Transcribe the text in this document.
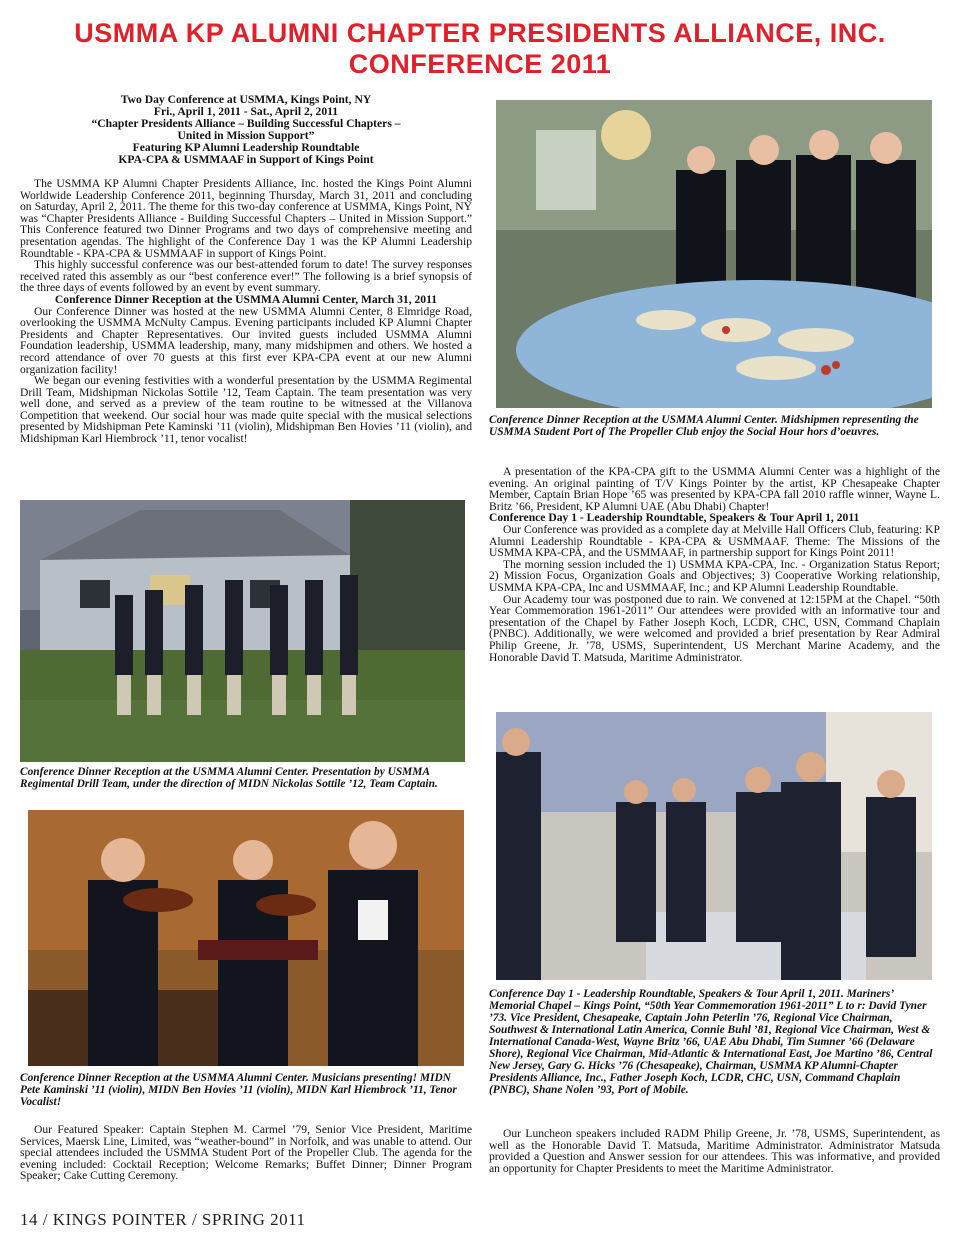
USMMA KP ALUMNI CHAPTER PRESIDENTS ALLIANCE, INC.
CONFERENCE 2011
Two Day Conference at USMMA, Kings Point, NY
Fri., April 1, 2011 - Sat., April 2, 2011
“Chapter Presidents Alliance – Building Successful Chapters –
United in Mission Support”
Featuring KP Alumni Leadership Roundtable
KPA-CPA & USMMAAF in Support of Kings Point

The USMMA KP Alumni Chapter Presidents Alliance, Inc. hosted the Kings Point Alumni Worldwide Leadership Conference 2011, beginning Thursday, March 31, 2011 and concluding on Saturday, April 2, 2011. The theme for this two-day conference at USMMA, Kings Point, NY was “Chapter Presidents Alliance - Building Successful Chapters – United in Mission Support.” This Conference featured two Dinner Programs and two days of comprehensive meeting and presentation agendas. The highlight of the Conference Day 1 was the KP Alumni Leadership Roundtable - KPA-CPA & USMMAAF in support of Kings Point.

This highly successful conference was our best-attended forum to date! The survey responses received rated this assembly as our “best conference ever!” The following is a brief synopsis of the three days of events followed by an event by event summary.

Conference Dinner Reception at the USMMA Alumni Center, March 31, 2011

Our Conference Dinner was hosted at the new USMMA Alumni Center, 8 Elmridge Road, overlooking the USMMA McNulty Campus. Evening participants included KP Alumni Chapter Presidents and Chapter Representatives. Our invited guests included USMMA Alumni Foundation leadership, USMMA leadership, many, many midshipmen and others. We hosted a record attendance of over 70 guests at this first ever KPA-CPA event at our new Alumni organization facility!

We began our evening festivities with a wonderful presentation by the USMMA Regimental Drill Team, Midshipman Nickolas Sottile ’12, Team Captain. The team presentation was very well done, and served as a preview of the team routine to be witnessed at the Villanova Competition that weekend. Our social hour was made quite special with the musical selections presented by Midshipman Pete Kaminski ’11 (violin), Midshipman Ben Hovies ’11 (violin), and Midshipman Karl Hiembrock ’11, tenor vocalist!

Conference Dinner Reception at the USMMA Alumni Center. Presentation by USMMA Regimental Drill Team, under the direction of MIDN Nickolas Sottile ’12, Team Captain.
Conference Dinner Reception at the USMMA Alumni Center. Musicians presenting! MIDN Pete Kaminski ’11 (violin), MIDN Ben Hovies ’11 (violin), MIDN Karl Hiembrock ’11, Tenor Vocalist!

Our Featured Speaker: Captain Stephen M. Carmel ’79, Senior Vice President, Maritime Services, Maersk Line, Limited, was “weather-bound” in Norfolk, and was unable to attend. Our special attendees included the USMMA Student Port of the Propeller Club. The agenda for the evening included: Cocktail Reception; Welcome Remarks; Buffet Dinner; Dinner Program Speaker; Cake Cutting Ceremony.

Conference Dinner Reception at the USMMA Alumni Center. Midshipmen representing the USMMA Student Port of The Propeller Club enjoy the Social Hour hors d’oeuvres.

A presentation of the KPA-CPA gift to the USMMA Alumni Center was a highlight of the evening. An original painting of T/V Kings Pointer by the artist, KP Chesapeake Chapter Member, Captain Brian Hope ’65 was presented by KPA-CPA fall 2010 raffle winner, Wayne L. Britz ’66, President, KP Alumni UAE (Abu Dhabi) Chapter!

Conference Day 1 - Leadership Roundtable, Speakers & Tour April 1, 2011

Our Conference was provided as a complete day at Melville Hall Officers Club, featuring: KP Alumni Leadership Roundtable - KPA-CPA & USMMAAF. Theme: The Missions of the USMMA KPA-CPA, and the USMMAAF, in partnership support for Kings Point 2011!

The morning session included the 1) USMMA KPA-CPA, Inc. - Organization Status Report; 2) Mission Focus, Organization Goals and Objectives; 3) Cooperative Working relationship, USMMA KPA-CPA, Inc and USMMAAF, Inc.; and KP Alumni Leadership Roundtable.

Our Academy tour was postponed due to rain. We convened at 12:15PM at the Chapel. “50th Year Commemoration 1961-2011” Our attendees were provided with an informative tour and presentation of the Chapel by Father Joseph Koch, LCDR, CHC, USN, Command Chaplain (PNBC). Additionally, we were welcomed and provided a brief presentation by Rear Admiral Philip Greene, Jr. ’78, USMS, Superintendent, US Merchant Marine Academy, and the Honorable David T. Matsuda, Maritime Administrator.

Conference Day 1 - Leadership Roundtable, Speakers & Tour April 1, 2011. Mariners’ Memorial Chapel – Kings Point, “50th Year Commemoration 1961-2011” L to r: David Tyner ’73. Vice President, Chesapeake, Captain John Peterlin ’76, Regional Vice Chairman, Southwest & International Latin America, Connie Buhl ’81, Regional Vice Chairman, West & International Canada-West, Wayne Britz ’66, UAE Abu Dhabi, Tim Sumner ’66 (Delaware Shore), Regional Vice Chairman, Mid-Atlantic & International East, Joe Martino ’86, Central New Jersey, Gary G. Hicks ’76 (Chesapeake), Chairman, USMMA KP Alumni-Chapter Presidents Alliance, Inc., Father Joseph Koch, LCDR, CHC, USN, Command Chaplain (PNBC), Shane Nolen ’93, Port of Mobile.

Our Luncheon speakers included RADM Philip Greene, Jr. ’78, USMS, Superintendent, as well as the Honorable David T. Matsuda, Maritime Administrator. Administrator Matsuda provided a Question and Answer session for our attendees. This was informative, and provided an opportunity for Chapter Presidents to meet the Maritime Administrator.

14 / KINGS POINTER / SPRING 2011
